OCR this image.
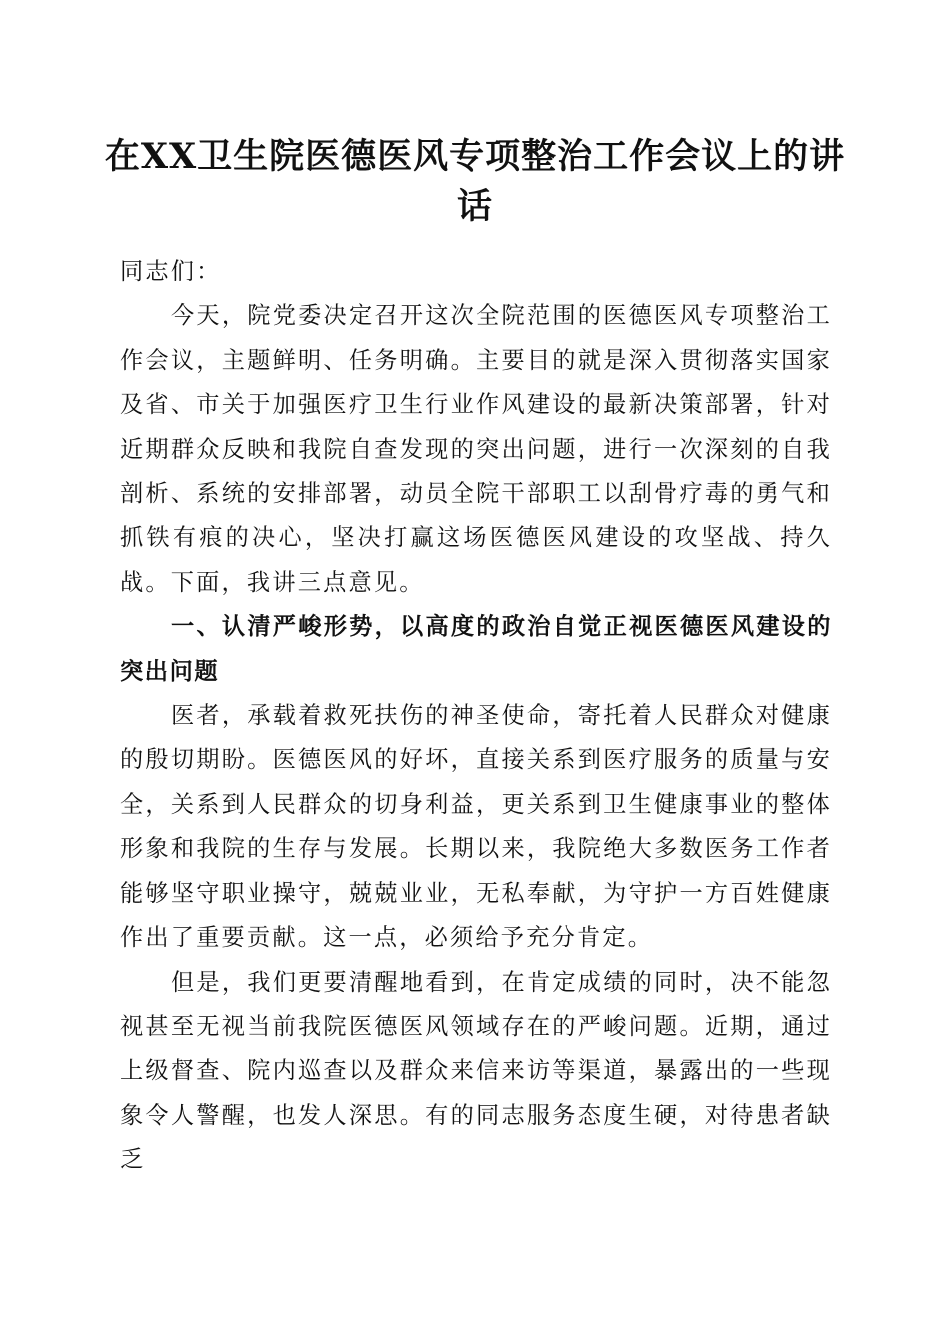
在XX卫生院医德医风专项整治工作会议上的讲话

同志们：

今天，院党委决定召开这次全院范围的医德医风专项整治工作会议，主题鲜明、任务明确。主要目的就是深入贯彻落实国家及省、市关于加强医疗卫生行业作风建设的最新决策部署，针对近期群众反映和我院自查发现的突出问题，进行一次深刻的自我剖析、系统的安排部署，动员全院干部职工以刮骨疗毒的勇气和抓铁有痕的决心，坚决打赢这场医德医风建设的攻坚战、持久战。下面，我讲三点意见。

一、认清严峻形势，以高度的政治自觉正视医德医风建设的突出问题

医者，承载着救死扶伤的神圣使命，寄托着人民群众对健康的殷切期盼。医德医风的好坏，直接关系到医疗服务的质量与安全，关系到人民群众的切身利益，更关系到卫生健康事业的整体形象和我院的生存与发展。长期以来，我院绝大多数医务工作者能够坚守职业操守，兢兢业业，无私奉献，为守护一方百姓健康作出了重要贡献。这一点，必须给予充分肯定。

但是，我们更要清醒地看到，在肯定成绩的同时，决不能忽视甚至无视当前我院医德医风领域存在的严峻问题。近期，通过上级督查、院内巡查以及群众来信来访等渠道，暴露出的一些现象令人警醒，也发人深思。有的同志服务态度生硬，对待患者缺乏
